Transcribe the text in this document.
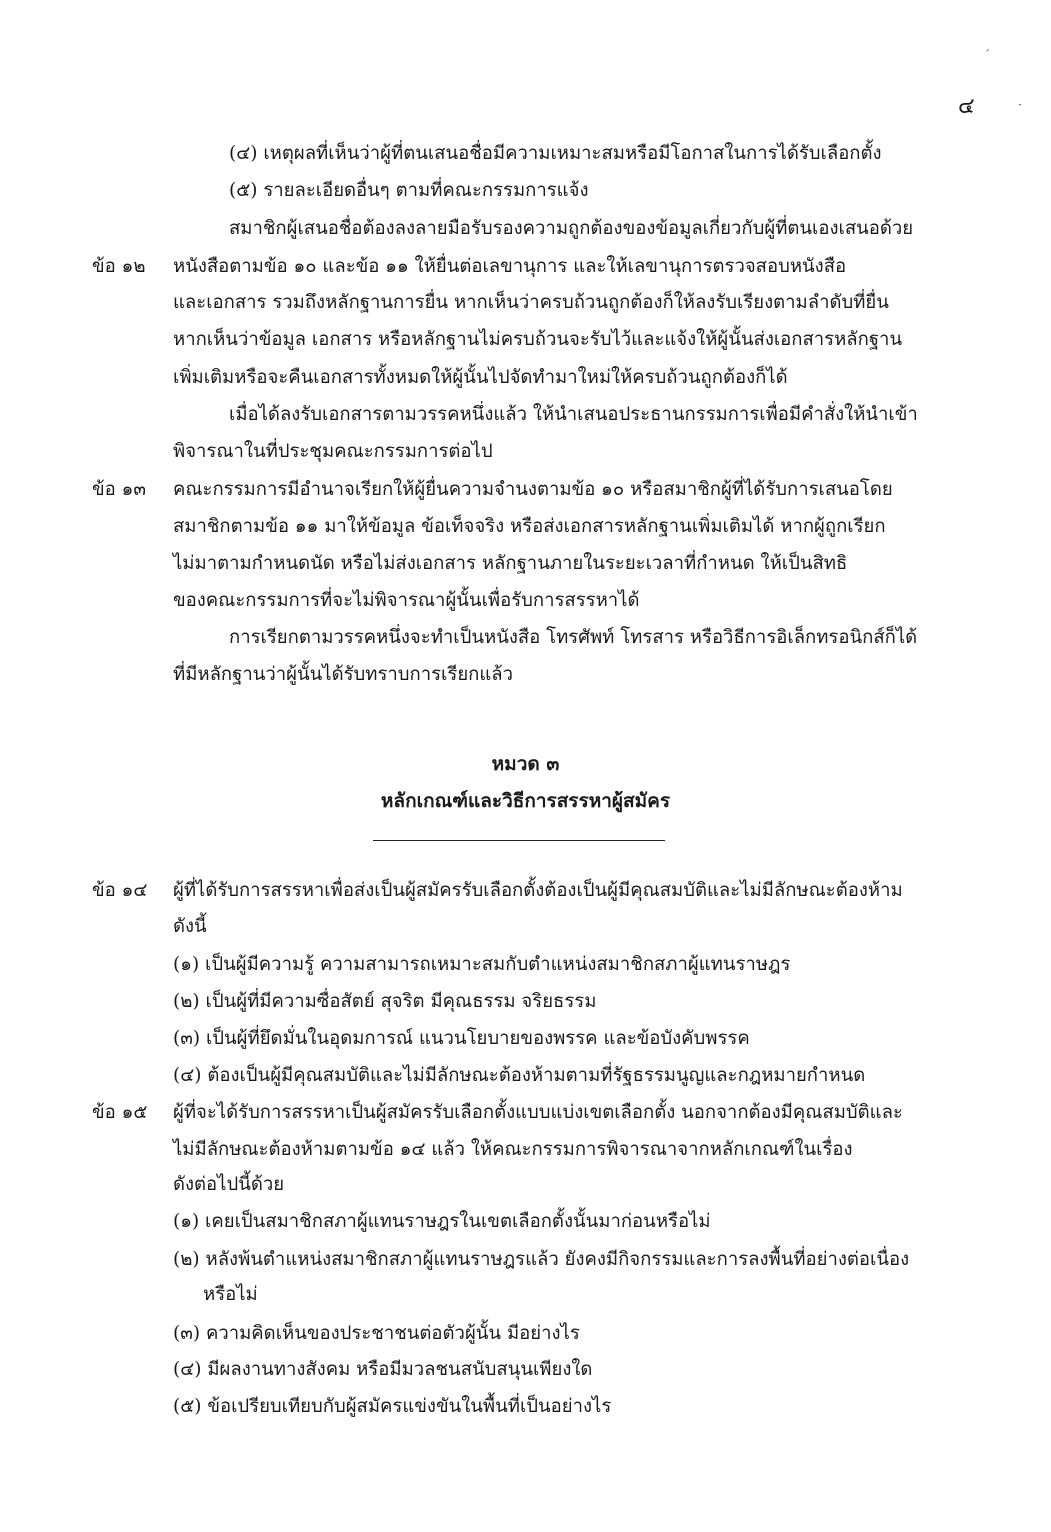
ˊ
·
๔
(๔) เหตุผลที่เห็นว่าผู้ที่ตนเสนอชื่อมีความเหมาะสมหรือมีโอกาสในการได้รับเลือกตั้ง
(๕) รายละเอียดอื่นๆ ตามที่คณะกรรมการแจ้ง
สมาชิกผู้เสนอชื่อต้องลงลายมือรับรองความถูกต้องของข้อมูลเกี่ยวกับผู้ที่ตนเองเสนอด้วย
ข้อ ๑๒ หนังสือตามข้อ ๑๐ และข้อ ๑๑ ให้ยื่นต่อเลขานุการ และให้เลขานุการตรวจสอบหนังสือ
และเอกสาร รวมถึงหลักฐานการยื่น หากเห็นว่าครบถ้วนถูกต้องก็ให้ลงรับเรียงตามลำดับที่ยื่น
หากเห็นว่าข้อมูล เอกสาร หรือหลักฐานไม่ครบถ้วนจะรับไว้และแจ้งให้ผู้นั้นส่งเอกสารหลักฐาน
เพิ่มเติมหรือจะคืนเอกสารทั้งหมดให้ผู้นั้นไปจัดทำมาใหม่ให้ครบถ้วนถูกต้องก็ได้
เมื่อได้ลงรับเอกสารตามวรรคหนึ่งแล้ว ให้นำเสนอประธานกรรมการเพื่อมีคำสั่งให้นำเข้า
พิจารณาในที่ประชุมคณะกรรมการต่อไป
ข้อ ๑๓ คณะกรรมการมีอำนาจเรียกให้ผู้ยื่นความจำนงตามข้อ ๑๐ หรือสมาชิกผู้ที่ได้รับการเสนอโดย
สมาชิกตามข้อ ๑๑ มาให้ข้อมูล ข้อเท็จจริง หรือส่งเอกสารหลักฐานเพิ่มเติมได้ หากผู้ถูกเรียก
ไม่มาตามกำหนดนัด หรือไม่ส่งเอกสาร หลักฐานภายในระยะเวลาที่กำหนด ให้เป็นสิทธิ
ของคณะกรรมการที่จะไม่พิจารณาผู้นั้นเพื่อรับการสรรหาได้
การเรียกตามวรรคหนึ่งจะทำเป็นหนังสือ โทรศัพท์ โทรสาร หรือวิธีการอิเล็กทรอนิกส์ก็ได้
ที่มีหลักฐานว่าผู้นั้นได้รับทราบการเรียกแล้ว
หมวด ๓
หลักเกณฑ์และวิธีการสรรหาผู้สมัคร
ข้อ ๑๔ ผู้ที่ได้รับการสรรหาเพื่อส่งเป็นผู้สมัครรับเลือกตั้งต้องเป็นผู้มีคุณสมบัติและไม่มีลักษณะต้องห้าม
ดังนี้
(๑) เป็นผู้มีความรู้ ความสามารถเหมาะสมกับตำแหน่งสมาชิกสภาผู้แทนราษฎร
(๒) เป็นผู้ที่มีความซื่อสัตย์ สุจริต มีคุณธรรม จริยธรรม
(๓) เป็นผู้ที่ยึดมั่นในอุดมการณ์ แนวนโยบายของพรรค และข้อบังคับพรรค
(๔) ต้องเป็นผู้มีคุณสมบัติและไม่มีลักษณะต้องห้ามตามที่รัฐธรรมนูญและกฎหมายกำหนด
ข้อ ๑๕ ผู้ที่จะได้รับการสรรหาเป็นผู้สมัครรับเลือกตั้งแบบแบ่งเขตเลือกตั้ง นอกจากต้องมีคุณสมบัติและ
ไม่มีลักษณะต้องห้ามตามข้อ ๑๔ แล้ว ให้คณะกรรมการพิจารณาจากหลักเกณฑ์ในเรื่อง
ดังต่อไปนี้ด้วย
(๑) เคยเป็นสมาชิกสภาผู้แทนราษฎรในเขตเลือกตั้งนั้นมาก่อนหรือไม่
(๒) หลังพ้นตำแหน่งสมาชิกสภาผู้แทนราษฎรแล้ว ยังคงมีกิจกรรมและการลงพื้นที่อย่างต่อเนื่อง
หรือไม่
(๓) ความคิดเห็นของประชาชนต่อตัวผู้นั้น มีอย่างไร
(๔) มีผลงานทางสังคม หรือมีมวลชนสนับสนุนเพียงใด
(๕) ข้อเปรียบเทียบกับผู้สมัครแข่งขันในพื้นที่เป็นอย่างไร
